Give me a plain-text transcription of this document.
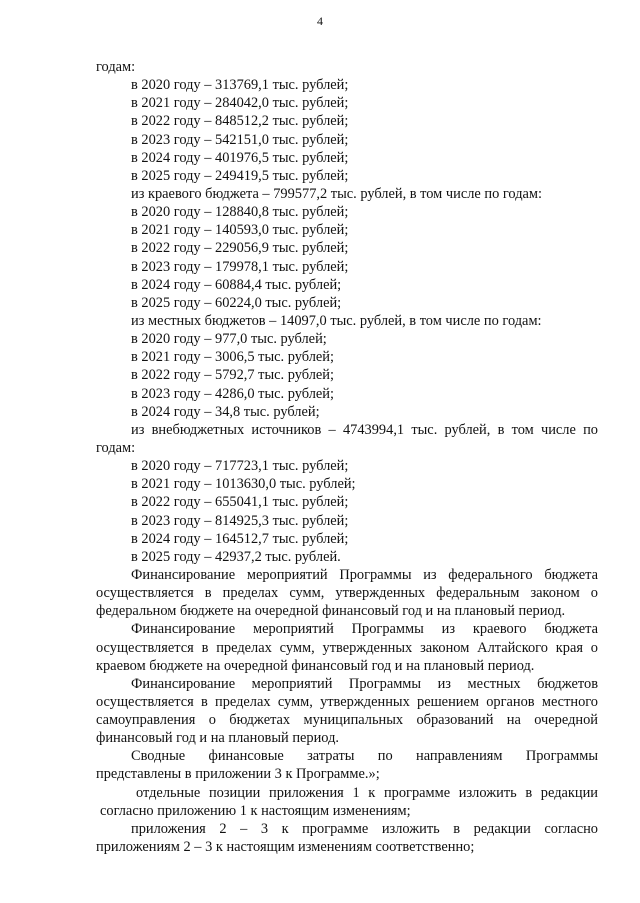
4
годам:
в 2020 году – 313769,1 тыс. рублей;
в 2021 году – 284042,0 тыс. рублей;
в 2022 году – 848512,2 тыс. рублей;
в 2023 году – 542151,0 тыс. рублей;
в 2024 году – 401976,5 тыс. рублей;
в 2025 году – 249419,5 тыс. рублей;
из краевого бюджета – 799577,2 тыс. рублей, в том числе по годам:
в 2020 году – 128840,8 тыс. рублей;
в 2021 году – 140593,0 тыс. рублей;
в 2022 году – 229056,9 тыс. рублей;
в 2023 году – 179978,1 тыс. рублей;
в 2024 году – 60884,4 тыс. рублей;
в 2025 году – 60224,0 тыс. рублей;
из местных бюджетов – 14097,0 тыс. рублей, в том числе по годам:
в 2020 году – 977,0 тыс. рублей;
в 2021 году – 3006,5 тыс. рублей;
в 2022 году – 5792,7 тыс. рублей;
в 2023 году – 4286,0 тыс. рублей;
в 2024 году – 34,8 тыс. рублей;
из внебюджетных источников – 4743994,1 тыс. рублей, в том числе по
годам:
в 2020 году – 717723,1 тыс. рублей;
в 2021 году – 1013630,0 тыс. рублей;
в 2022 году – 655041,1 тыс. рублей;
в 2023 году – 814925,3 тыс. рублей;
в 2024 году – 164512,7 тыс. рублей;
в 2025 году – 42937,2 тыс. рублей.
Финансирование мероприятий Программы из федерального бюджета
осуществляется в пределах сумм, утвержденных федеральным законом о
федеральном бюджете на очередной финансовый год и на плановый период.
Финансирование мероприятий Программы из краевого бюджета
осуществляется в пределах сумм, утвержденных законом Алтайского края о
краевом бюджете на очередной финансовый год и на плановый период.
Финансирование мероприятий Программы из местных бюджетов
осуществляется в пределах сумм, утвержденных решением органов местного
самоуправления о бюджетах муниципальных образований на очередной
финансовый год и на плановый период.
Сводные финансовые затраты по направлениям Программы
представлены в приложении 3 к Программе.»;
отдельные позиции приложения 1 к программе изложить в редакции
согласно приложению 1 к настоящим изменениям;
приложения 2 – 3 к программе изложить в редакции согласно
приложениям 2 – 3 к настоящим изменениям соответственно;
